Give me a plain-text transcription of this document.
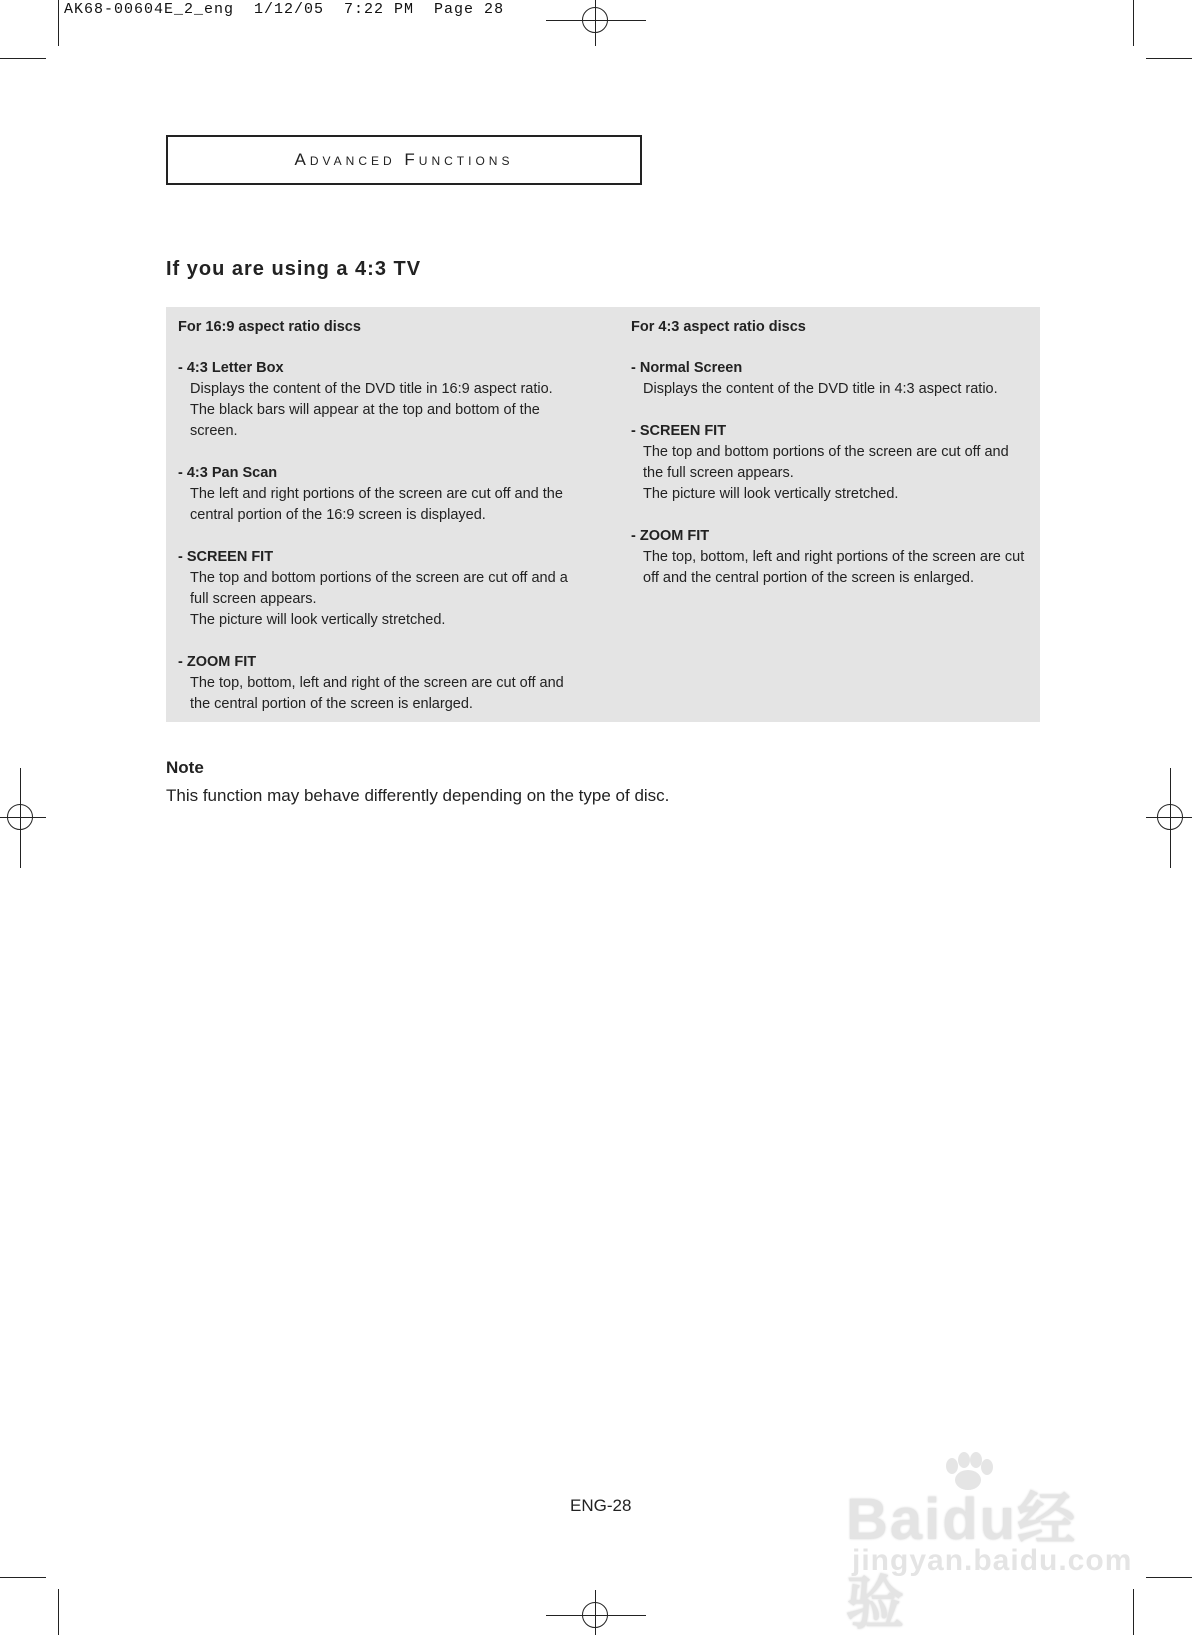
AK68-00604E_2_eng  1/12/05  7:22 PM  Page 28
Advanced Functions
If you are using a 4:3 TV
For 16:9 aspect ratio discs
- 4:3 Letter Box
Displays the content of the DVD title in 16:9 aspect ratio.
The black bars will appear at the top and bottom of the
screen.
- 4:3 Pan Scan
The left and right portions of the screen are cut off and the
central portion of the 16:9 screen is displayed.
- SCREEN FIT
The top and bottom portions of the screen are cut off and a
full screen appears.
The picture will look vertically stretched.
- ZOOM FIT
The top, bottom, left and right of the screen are cut off and
the central portion of the screen is enlarged.
For 4:3 aspect ratio discs
- Normal Screen
Displays the content of the DVD title in 4:3 aspect ratio.
- SCREEN FIT
The top and bottom portions of the screen are cut off and
the full screen appears.
The picture will look vertically stretched.
- ZOOM FIT
The top, bottom, left and right portions of the screen are cut
off and the central portion of the screen is enlarged.
Note
This function may behave differently depending on the type of disc.
ENG-28	Baidu经验
jingyan.baidu.com
